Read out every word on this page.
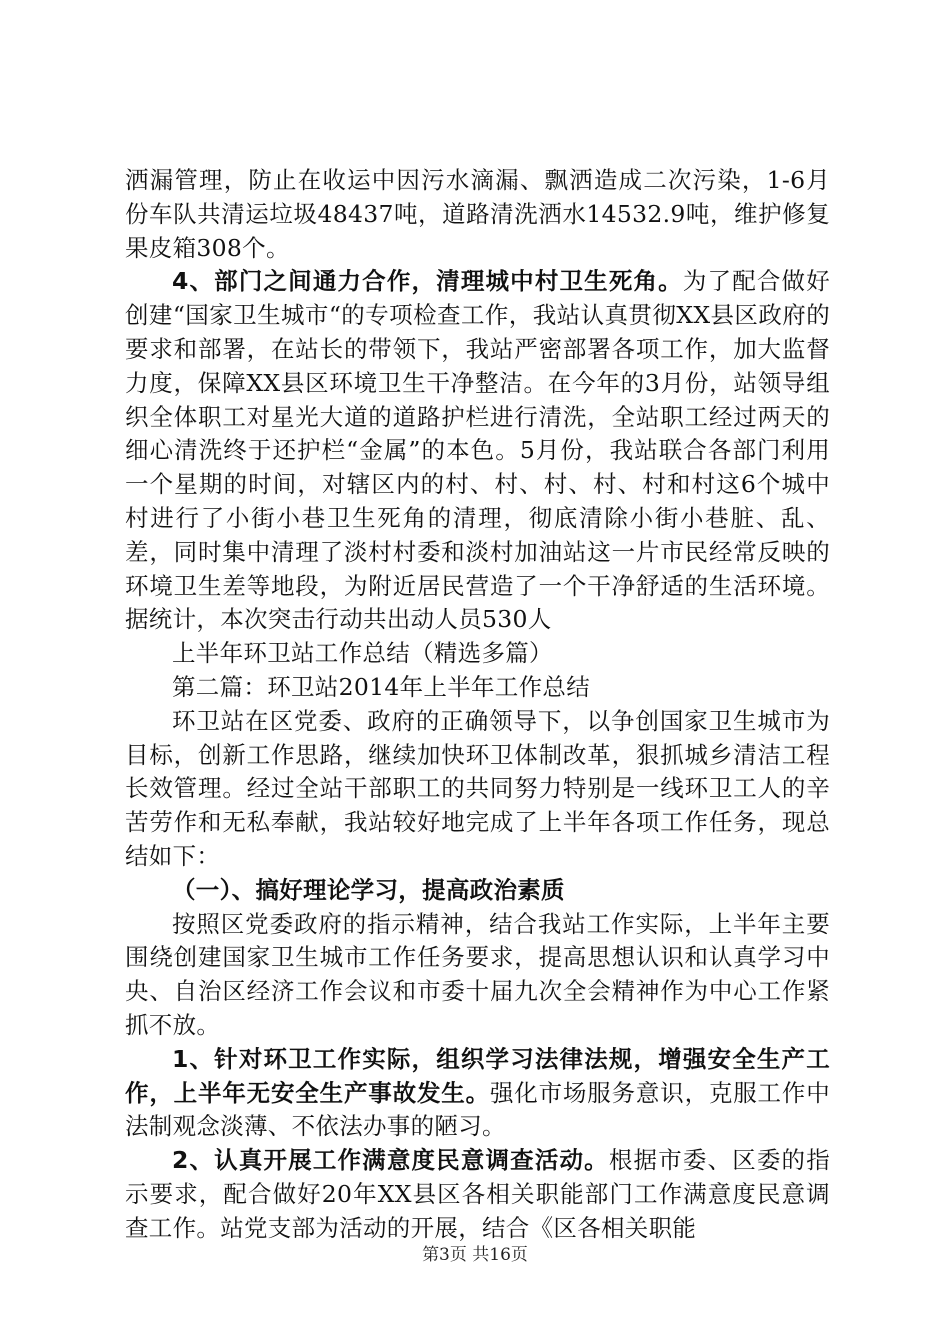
洒漏管理，防止在收运中因污水滴漏、飘洒造成二次污染，1-6月份车队共清运垃圾48437吨，道路清洗洒水14532.9吨，维护修复果皮箱308个。

4、部门之间通力合作，清理城中村卫生死角。为了配合做好创建“国家卫生城市“的专项检查工作，我站认真贯彻XX县区政府的要求和部署，在站长的带领下，我站严密部署各项工作，加大监督力度，保障XX县区环境卫生干净整洁。在今年的3月份，站领导组织全体职工对星光大道的道路护栏进行清洗，全站职工经过两天的细心清洗终于还护栏“金属”的本色。5月份，我站联合各部门利用一个星期的时间，对辖区内的村、村、村、村、村和村这6个城中村进行了小街小巷卫生死角的清理，彻底清除小街小巷脏、乱、差，同时集中清理了淡村村委和淡村加油站这一片市民经常反映的环境卫生差等地段，为附近居民营造了一个干净舒适的生活环境。据统计，本次突击行动共出动人员530人

上半年环卫站工作总结（精选多篇）

第二篇：环卫站2014年上半年工作总结

环卫站在区党委、政府的正确领导下，以争创国家卫生城市为目标，创新工作思路，继续加快环卫体制改革，狠抓城乡清洁工程长效管理。经过全站干部职工的共同努力特别是一线环卫工人的辛苦劳作和无私奉献，我站较好地完成了上半年各项工作任务，现总结如下：

（一）、搞好理论学习，提高政治素质

按照区党委政府的指示精神，结合我站工作实际，上半年主要围绕创建国家卫生城市工作任务要求，提高思想认识和认真学习中央、自治区经济工作会议和市委十届九次全会精神作为中心工作紧抓不放。

1、针对环卫工作实际，组织学习法律法规，增强安全生产工作，上半年无安全生产事故发生。强化市场服务意识，克服工作中法制观念淡薄、不依法办事的陋习。

2、认真开展工作满意度民意调查活动。根据市委、区委的指示要求，配合做好20年XX县区各相关职能部门工作满意度民意调查工作。站党支部为活动的开展，结合《区各相关职能

第3页 共16页
